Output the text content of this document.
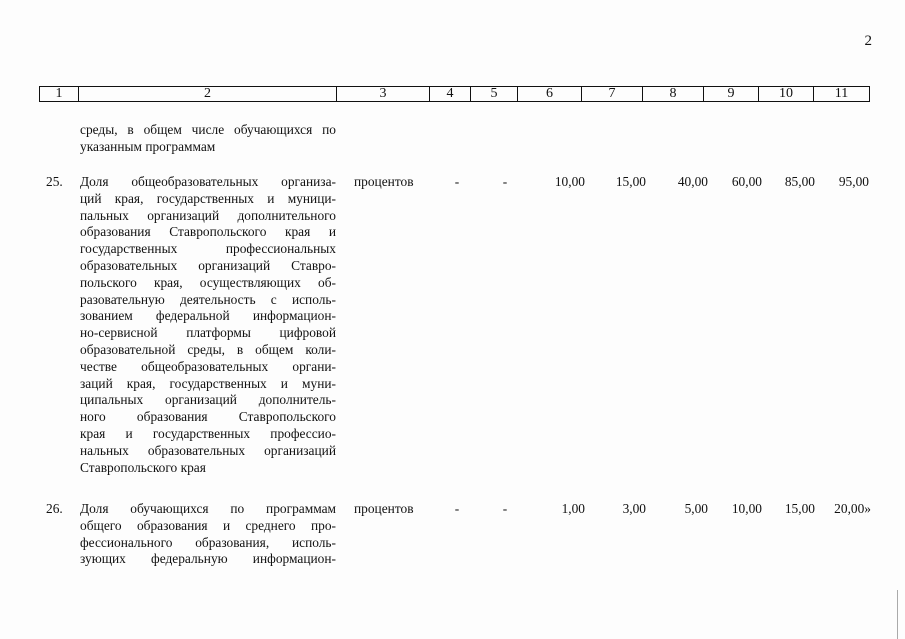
2
1	2	3	4	5	6	7	8	9	10	11
среды, в общем числе обучающихся по
указанным программам
25. Доля общеобразовательных организа-
ций края, государственных и муници-
пальных организаций дополнительного
образования Ставропольского края и
государственных профессиональных
образовательных организаций Ставро-
польского края, осуществляющих об-
разовательную деятельность с исполь-
зованием федеральной информацион-
но-сервисной платформы цифровой
образовательной среды, в общем коли-
честве общеобразовательных органи-
заций края, государственных и муни-
ципальных организаций дополнитель-
ного образования Ставропольского
края и государственных профессио-
нальных образовательных организаций
Ставропольского края
процентов	-	-	10,00	15,00	40,00	60,00	85,00	95,00
26. Доля обучающихся по программам
общего образования и среднего про-
фессионального образования, исполь-
зующих федеральную информацион-
процентов	-	-	1,00	3,00	5,00	10,00	15,00	20,00»
